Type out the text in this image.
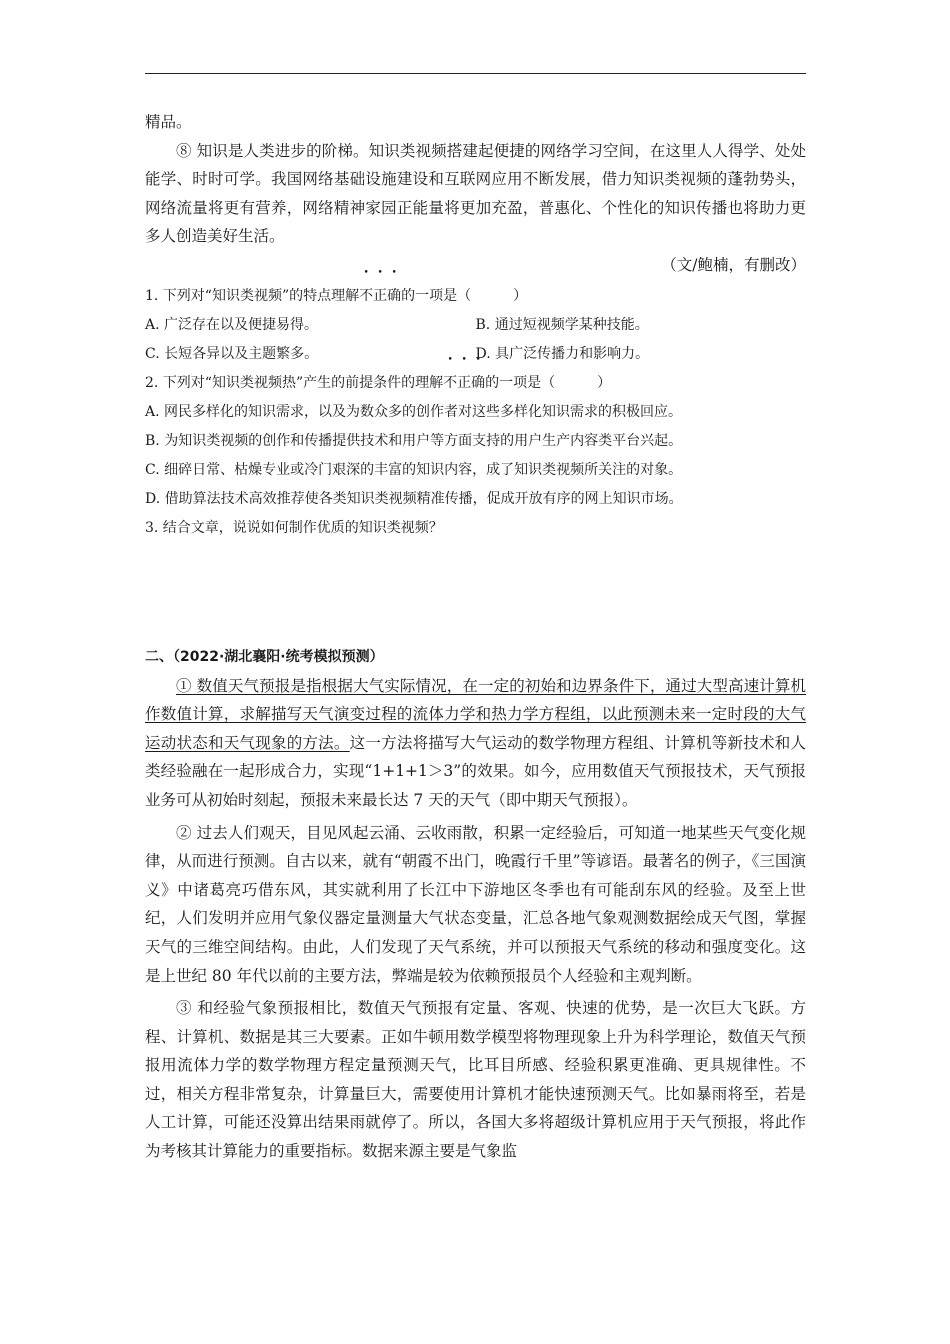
精品。

⑧ 知识是人类进步的阶梯。知识类视频搭建起便捷的网络学习空间，在这里人人得学、处处能学、时时可学。我国网络基础设施建设和互联网应用不断发展，借力知识类视频的蓬勃势头，网络流量将更有营养，网络精神家园正能量将更加充盈，普惠化、个性化的知识传播也将助力更多人创造美好生活。

（文/鲍楠，有删改）

1. 下列对“知识类视频”的特点理解不正确的一项是（　　　）

A. 广泛存在以及便捷易得。	B. 通过短视频学某种技能。
C. 长短各异以及主题繁多。	D. 具广泛传播力和影响力。

2. 下列对“知识类视频热”产生的前提条件的理解不正确的一项是（　　　）

A. 网民多样化的知识需求，以及为数众多的创作者对这些多样化知识需求的积极回应。

B. 为知识类视频的创作和传播提供技术和用户等方面支持的用户生产内容类平台兴起。

C. 细碎日常、枯燥专业或冷门艰深的丰富的知识内容，成了知识类视频所关注的对象。

D. 借助算法技术高效推荐使各类知识类视频精准传播，促成开放有序的网上知识市场。

3. 结合文章，说说如何制作优质的知识类视频？

二、（2022·湖北襄阳·统考模拟预测）

① 数值天气预报是指根据大气实际情况，在一定的初始和边界条件下，通过大型高速计算机作数值计算，求解描写天气演变过程的流体力学和热力学方程组，以此预测未来一定时段的大气运动状态和天气现象的方法。这一方法将描写大气运动的数学物理方程组、计算机等新技术和人类经验融在一起形成合力，实现“1+1+1＞3”的效果。如今，应用数值天气预报技术，天气预报业务可从初始时刻起，预报未来最长达 7 天的天气（即中期天气预报）。

② 过去人们观天，目见风起云涌、云收雨散，积累一定经验后，可知道一地某些天气变化规律，从而进行预测。自古以来，就有“朝霞不出门，晚霞行千里”等谚语。最著名的例子，《三国演义》中诸葛亮巧借东风，其实就利用了长江中下游地区冬季也有可能刮东风的经验。及至上世纪，人们发明并应用气象仪器定量测量大气状态变量，汇总各地气象观测数据绘成天气图，掌握天气的三维空间结构。由此，人们发现了天气系统，并可以预报天气系统的移动和强度变化。这是上世纪 80 年代以前的主要方法，弊端是较为依赖预报员个人经验和主观判断。

③ 和经验气象预报相比，数值天气预报有定量、客观、快速的优势，是一次巨大飞跃。方程、计算机、数据是其三大要素。正如牛顿用数学模型将物理现象上升为科学理论，数值天气预报用流体力学的数学物理方程定量预测天气，比耳目所感、经验积累更准确、更具规律性。不过，相关方程非常复杂，计算量巨大，需要使用计算机才能快速预测天气。比如暴雨将至，若是人工计算，可能还没算出结果雨就停了。所以，各国大多将超级计算机应用于天气预报，将此作为考核其计算能力的重要指标。数据来源主要是气象监
